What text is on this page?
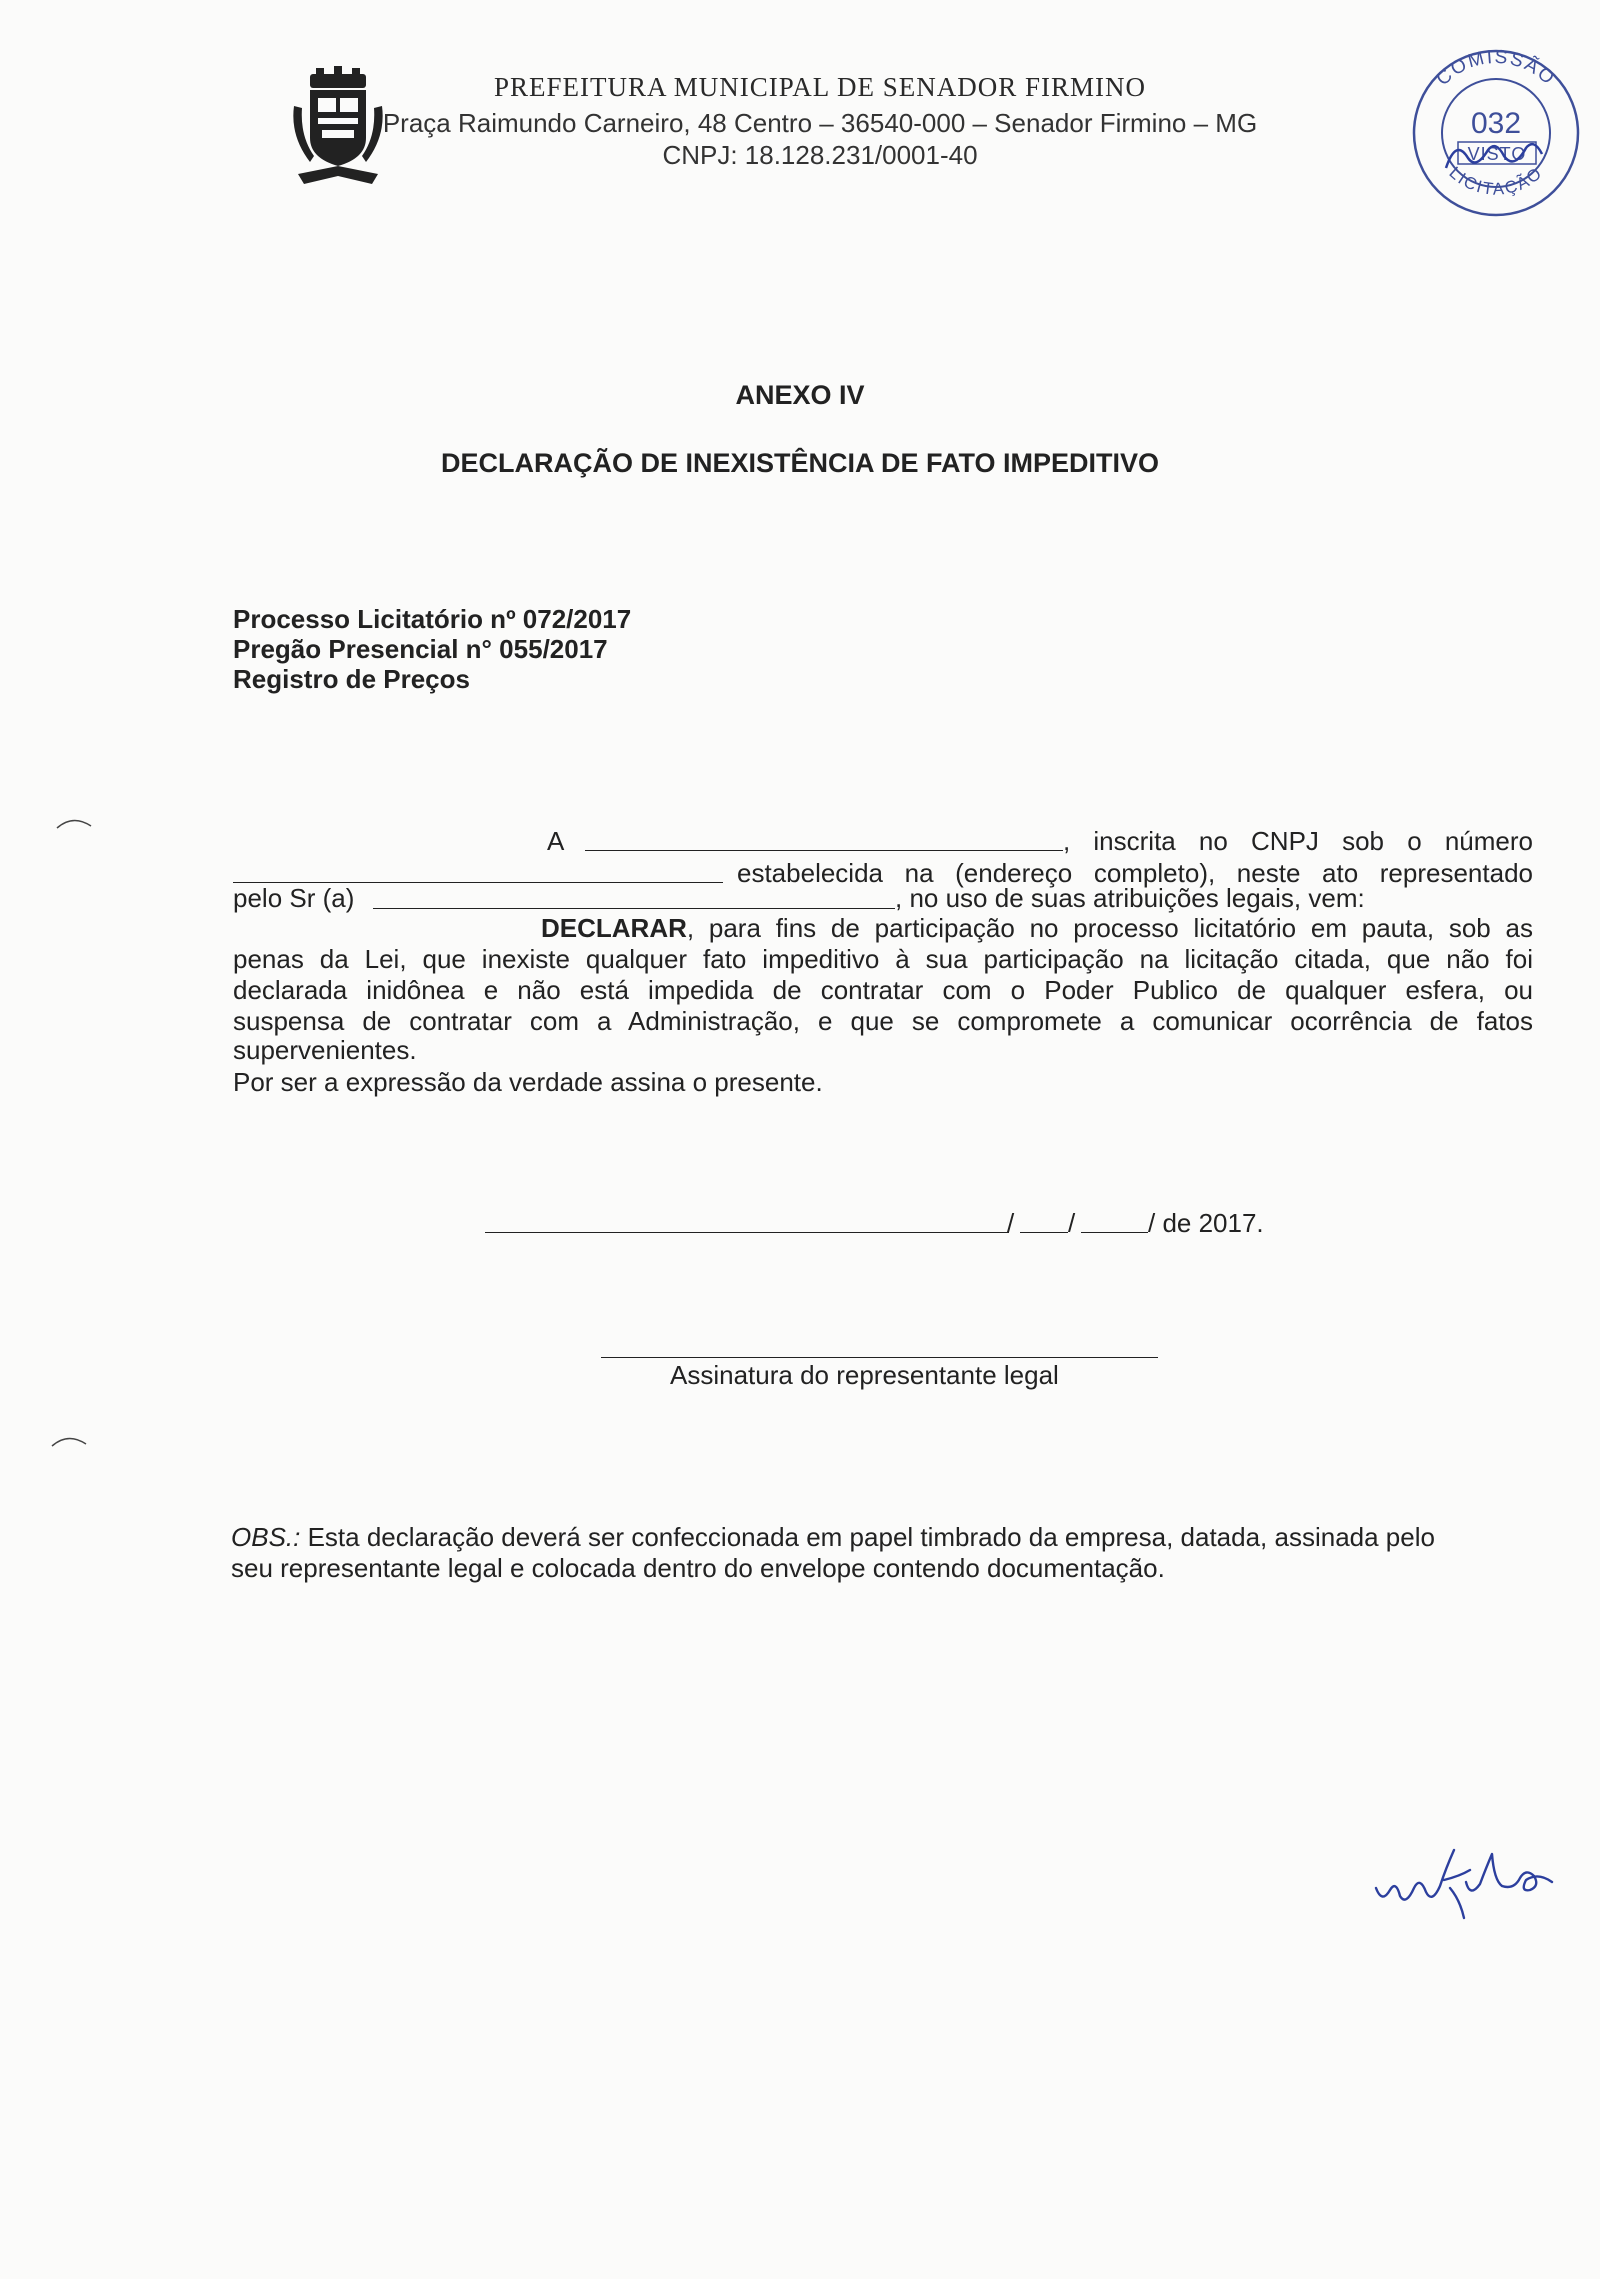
PREFEITURA MUNICIPAL DE SENADOR FIRMINO
Praça Raimundo Carneiro, 48 Centro – 36540-000 – Senador Firmino – MG
CNPJ: 18.128.231/0001-40
COMISSÃO
LICITAÇÃO
032
VISTO
ANEXO IV
DECLARAÇÃO DE INEXISTÊNCIA DE FATO IMPEDITIVO
Processo Licitatório nº 072/2017
Pregão Presencial n° 055/2017
Registro de Preços
A	, inscrita no CNPJ sob o número
estabelecida na (endereço completo), neste ato representado
pelo Sr (a)	, no uso de suas atribuições legais, vem:
DECLARAR, para fins de participação no processo licitatório em pauta, sob as
penas da Lei, que inexiste qualquer fato impeditivo à sua participação na licitação citada, que não foi
declarada inidônea e não está impedida de contratar com o Poder Publico de qualquer esfera, ou
suspensa de contratar com a Administração, e que se compromete a comunicar ocorrência de fatos
supervenientes.
Por ser a expressão da verdade assina o presente.
/ /	/ de 2017.
Assinatura do representante legal
OBS.: Esta declaração deverá ser confeccionada em papel timbrado da empresa, datada, assinada pelo
seu representante legal e colocada dentro do envelope contendo documentação.
